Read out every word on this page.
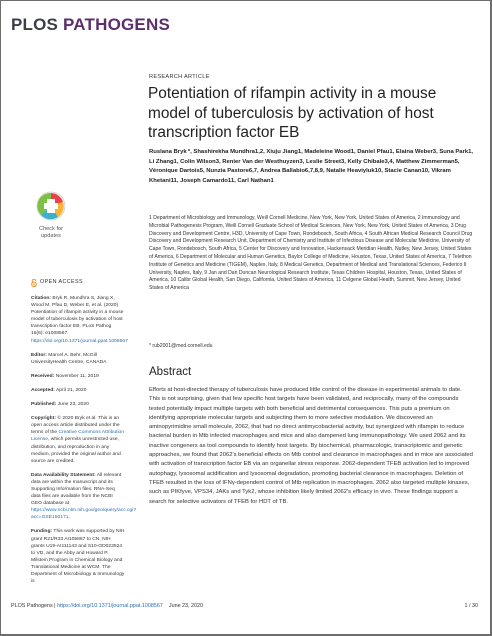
PLOS PATHOGENS
RESEARCH ARTICLE
Potentiation of rifampin activity in a mouse model of tuberculosis by activation of host transcription factor EB
Ruslana Bryk *, Shashirekha Mundhra1,2, Xiuju Jiang1, Madeleine Wood1, Daniel Pfau1, Elaina Weber3, Suna Park1, Li Zhang1, Colin Wilson3, Renier Van der Westhuyzen3, Leslie Street3, Kelly Chibale3,4, Matthew Zimmerman5, Véronique Dartois5, Nunzia Pastore6,7, Andrea Ballabio6,7,8,9, Natalie Heaviyluk10, Stacie Canan10, Vikram Khetani11, Joseph Camardo11, Carl Nathan1
1 Department of Microbiology and Immunology, Weill Cornell Medicine, New York, New York, United States of America, 2 Immunology and Microbial Pathogenesis Program, Weill Cornell Graduate School of Medical Sciences, New York, New York, United States of America, 3 Drug Discovery and Development Centre, H3D, University of Cape Town, Rondebosch, South Africa, 4 South African Medical Research Council Drug Discovery and Development Research Unit, Department of Chemistry and Institute of Infectious Disease and Molecular Medicine, University of Cape Town, Rondebosch, South Africa, 5 Center for Discovery and Innovation, Hackensack Meridian Health, Nutley, New Jersey, United States of America, 6 Department of Molecular and Human Genetics, Baylor College of Medicine, Houston, Texas, United States of America, 7 Telethon Institute of Genetics and Medicine (TIGEM), Naples, Italy, 8 Medical Genetics, Department of Medical and Translational Sciences, Federico II University, Naples, Italy, 9 Jan and Dan Duncan Neurological Research Institute, Texas Children Hospital, Houston, Texas, United States of America, 10 Calibr Global Health, San Diego, California, United States of America, 11 Celgene Global Health, Summit, New Jersey, United States of America
* rub2001@med.cornell.edu
Abstract
Efforts at host-directed therapy of tuberculosis have produced little control of the disease in experimental animals to date. This is not surprising, given that few specific host targets have been validated, and reciprocally, many of the compounds tested potentially impact multiple targets with both beneficial and detrimental consequences. This puts a premium on identifying appropriate molecular targets and subjecting them to more selective modulation. We discovered an aminopyrimidine small molecule, 2062, that had no direct antimycobacterial activity, but synergized with rifampin to reduce bacterial burden in Mtb infected macrophages and mice and also dampened lung immunopathology. We used 2062 and its inactive congeners as tool compounds to identify host targets. By biochemical, pharmacologic, transcriptomic and genetic approaches, we found that 2062's beneficial effects on Mtb control and clearance in macrophages and in mice are associated with activation of transcription factor EB via an organellar stress response. 2062-dependent TFEB activation led to improved autophagy, lysosomal acidification and lysosomal degradation, promoting bacterial clearance in macrophages. Deletion of TFEB resulted in the loss of IFNγ-dependent control of Mtb replication in macrophages. 2062 also targeted multiple kinases, such as PIKfyve, VPS34, JAKs and Tyk2, whose inhibition likely limited 2062's efficacy in vivo. These findings support a search for selective activators of TFEB for HDT of TB.
Check for
updates
OPEN ACCESS

Citation: Bryk R, Mundhra S, Jiang X, Wood M, Pfau D, Weber E, et al. (2020) Potentiation of rifampin activity in a mouse model of tuberculosis by activation of host transcription factor EB. PLoS Pathog 16(6): e1008567. https://doi.org/10.1371/journal.ppat.1008567

Editor: Marcel A. Behr, McGill UniversityHealth Centre, CANADA

Received: November 11, 2019

Accepted: April 21, 2020

Published: June 23, 2020

Copyright: © 2020 Bryk et al. This is an open access article distributed under the terms of the Creative Commons Attribution License, which permits unrestricted use, distribution, and reproduction in any medium, provided the original author and source are credited.

Data Availability Statement: All relevant data are within the manuscript and its Supporting Information files. RNA-Seq data files are available from the NCBI GEO database at https://www.ncbi.nlm.nih.gov/geo/query/acc.cgi?acc=GSE150171.

Funding: This work was supported by NIH grant R21/R33 AI105867 to CN, NIH grants U19-AI111143 and S10-OD023524 to VD, and the Abby and Howard P. Milstein Program in Chemical Biology and Translational Medicine at WCM. The Department of Microbiology & Immunology is

PLOS Pathogens | https://doi.org/10.1371/journal.ppat.1008567 June 23, 2020	1 / 30
